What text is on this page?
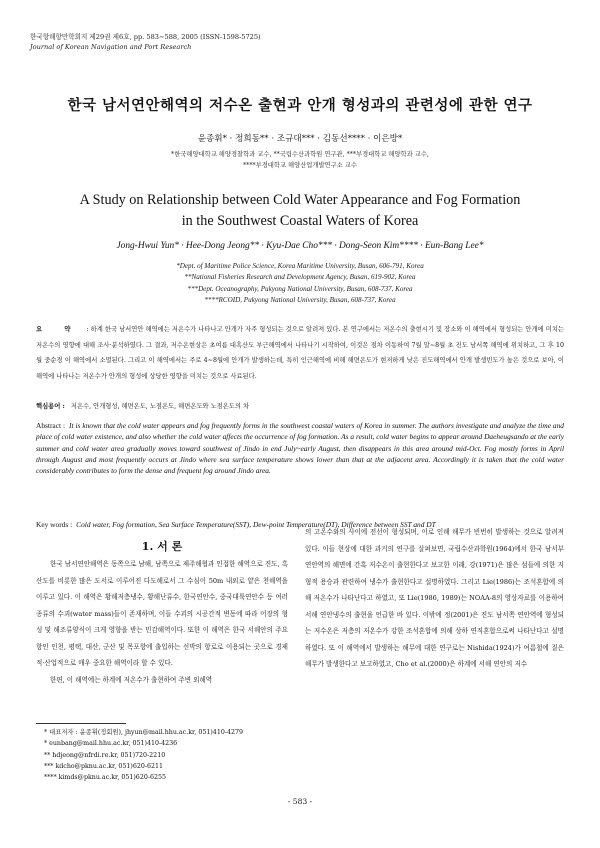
한국항해항만학회지 제29권 제6호, pp. 583∼588, 2005 (ISSN-1598-5725)
Journal of Korean Navigation and Port Research
한국 남서연안해역의 저수온 출현과 안개 형성과의 관련성에 관한 연구
윤종휘* · 정희동** · 조규대*** · 김동선**** · 이은방*
*한국해양대학교 해양경찰학과 교수, **국립수산과학원 연구관, ***부경대학교 해양학과 교수,
****부경대학교 해양산업개발연구소 교수
A Study on Relationship between Cold Water Appearance and Fog Formation
in the Southwest Coastal Waters of Korea
Jong-Hwui Yun* · Hee-Dong Jeong** · Kyu-Dae Cho*** · Dong-Seon Kim**** · Eun-Bang Lee*
*Dept. of Maritime Police Science, Korea Maritime University, Busan, 606-791, Korea
**National Fisheries Research and Development Agency, Busan, 619-902, Korea
***Dept. Oceanography, Pukyong National University, Busan, 608-737, Korea
****RCOID, Pukyong National University, Busan, 608-737, Korea
요 약 : 하계 한국 남서연안 해역에는 저온수가 나타나고 안개가 자주 형성되는 것으로 알려져 있다. 본 연구에서는 저온수의 출현시기 및 장소와 이 해역에서 형성되는 안개에 미치는 저온수의 영향에 대해 조사·분석하였다. 그 결과, 저수온현상은 초여름 대흑산도 부근해역에서 나타나기 시작하여, 이것은 점차 이동하여 7월 말∼8월 초 진도 남서쪽 해역에 위치하고, 그 후 10월 중순경 이 해역에서 소멸된다. 그리고 이 해역에서는 주로 4∼8월에 안개가 발생하는데, 특히 인근해역에 비해 해면온도가 현저하게 낮은 진도해역에서 안개 발생빈도가 높은 것으로 보아, 이 해역에 나타나는 저온수가 안개의 형성에 상당한 영향을 미치는 것으로 사료된다.
핵심용어 : 저온수, 안개형성, 해면온도, 노점온도, 해면온도와 노점온도의 차
Abstract : It is known that the cold water appears and fog frequently forms in the southwest coastal waters of Korea in summer. The authors investigate and analyze the time and place of cold water existence, and also whether the cold water affects the occurrence of fog formation. As a result, cold water begins to appear around Daeheugsando at the early summer and cold water area gradually moves toward southwest of Jindo in end July~early August, then disappears in this area around mid-Oct. Fog mostly forms in April through August and most frequently occurs at Jindo where sea surface temperature shows lower than that at the adjacent area. Accordingly it is taken that the cold water considerably contributes to form the dense and frequent fog around Jindo area.
Key words : Cold water, Fog formation, Sea Surface Temperature(SST), Dew-point Temperature(DT), Difference between SST and DT
1. 서 론

한국 남서연안해역은 동쪽으로 남해, 남쪽으로 제주해협과 인접한 해역으로 진도, 흑산도를 비롯한 많은 도서로 이루어진 다도해로서 그 수심이 50m 내외로 얕은 천해역을 이루고 있다. 이 해역은 황해저층냉수, 황해난류수, 한국연안수, 중국대륙연안수 등 여러 종류의 수괴(water mass)들이 존재하며, 이들 수괴의 시공간적 변동에 따라 어장의 형성 및 해조류양식이 크게 영향을 받는 민감해역이다. 또한 이 해역은 한국 서해안의 주요항인 인천, 평택, 대산, 군산 및 목포항에 출입하는 선박의 항로로 이용되는 곳으로 경제적·산업적으로 매우 중요한 해역이라 할 수 있다.

한편, 이 해역에는 하계에 저온수가 출현하여 주변 외해역

의 고온수와의 사이에 전선이 형성되며, 이로 인해 해무가 빈번히 발생하는 것으로 알려져 있다. 이들 현상에 대한 과거의 연구를 살펴보면, 국립수산과학원(1964)에서 한국 남서부연안역의 해면에 간혹 저수온이 출현한다고 보고한 이래, 강(1971)은 많은 섬들에 의한 지형적 용승과 관련하여 냉수가 출현한다고 설명하였다. 그리고 Lie(1986)는 조석혼합에 의해 저온수가 나타난다고 하였고, 또 Lie(1986, 1989)는 NOAA-8의 영상자료를 이용하여 서해 연안냉수의 출현을 언급한 바 있다. 이밖에 정(2001)은 진도 남서쪽 연안역에 형성되는 저수온은 저층의 저온수가 강한 조석혼합에 의해 상하 연직혼합으로써 나타난다고 설명하였다. 또 이 해역에서 발생하는 해무에 대한 연구로는 Nishida(1924)가 여름철에 짙은 해무가 발생한다고 보고하였고, Cho et al.(2000)은 하계에 서해 연안의 저수

* 대표저자 : 윤종휘(정회원), jhyun@mail.hhu.ac.kr, 051)410-4279
* eunbang@mail.hhu.ac.kr, 051)410-4236
** hdjeong@nfrdi.re.kr, 051)720-2210
*** kdcho@pknu.ac.kr, 051)620-6211
**** kimds@pknu.ac.kr, 051)620-6255
- 583 -
